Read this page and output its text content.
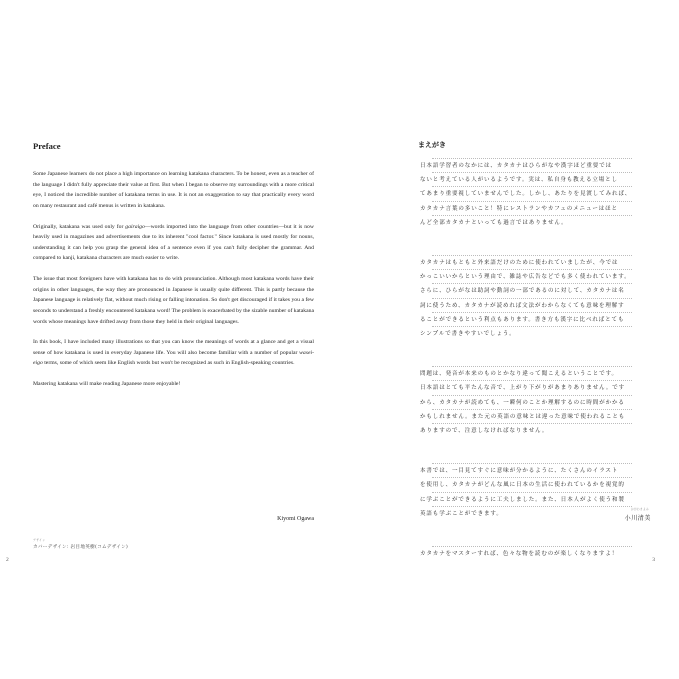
Preface

Some Japanese learners do not place a high importance on learning katakana characters. To be honest, even as a teacher of the language I didn't fully appreciate their value at first. But when I began to observe my surroundings with a more critical eye, I noticed the incredible number of katakana terms in use. It is not an exaggeration to say that practically every word on many restaurant and café menus is written in katakana.

Originally, katakana was used only for gairaigo—words imported into the language from other countries—but it is now heavily used in magazines and advertisements due to its inherent "cool factor." Since katakana is used mostly for nouns, understanding it can help you grasp the general idea of a sentence even if you can't fully decipher the grammar. And compared to kanji, katakana characters are much easier to write.

The issue that most foreigners have with katakana has to do with pronunciation. Although most katakana words have their origins in other languages, the way they are pronounced in Japanese is usually quite different. This is partly because the Japanese language is relatively flat, without much rising or falling intonation. So don't get discouraged if it takes you a few seconds to understand a freshly encountered katakana word! The problem is exacerbated by the sizable number of katakana words whose meanings have drifted away from those they held in their original languages.

In this book, I have included many illustrations so that you can know the meanings of words at a glance and get a visual sense of how katakana is used in everyday Japanese life. You will also become familiar with a number of popular wasei-eigo terms, some of which seem like English words but won't be recognized as such in English-speaking countries.

Mastering katakana will make reading Japanese more enjoyable!

Kiyomi Ogawa
デザイン
カバーデザイン: 岩目地英樹(コムデザイン)
2
まえがき
日本語学習者のなかには、カタカナはひらがなや漢字ほど重要では
ないと考えている人がいるようです。実は、私自身も教える立場とし
てあまり重要視していませんでした。しかし、あたりを見渡してみれば、
カタカナ言葉の多いこと！特にレストランやカフェのメニューはほと
んど全部カタカナといっても過言ではありません。
カタカナはもともと外来語だけのために使われていましたが、今では
かっこいいからという理由で、雑誌や広告などでも多く使われています。
さらに、ひらがなは助詞や動詞の一部であるのに対して、カタカナは名
詞に使うため、カタカナが読めれば文法がわからなくても意味を理解す
ることができるという利点もあります。書き方も漢字に比べればとても
シンプルで書きやすいでしょう。
問題は、発音が本来のものとかなり違って聞こえるということです。
日本語はとても平たんな音で、上がり下がりがあまりありません。です
から、カタカナが読めても、一瞬何のことか理解するのに時間がかかる
かもしれません。また元の英語の意味とは違った意味で使われることも
ありますので、注意しなければなりません。
本書では、一目見てすぐに意味が分かるように、たくさんのイラスト
を使用し、カタカナがどんな風に日本の生活に使われているかを視覚的
に学ぶことができるように工夫しました。また、日本人がよく使う和製
英語も学ぶことができます。
カタカナをマスターすれば、色々な物を読むのが楽しくなりますよ！
おがわきよみ
小川清美
3
